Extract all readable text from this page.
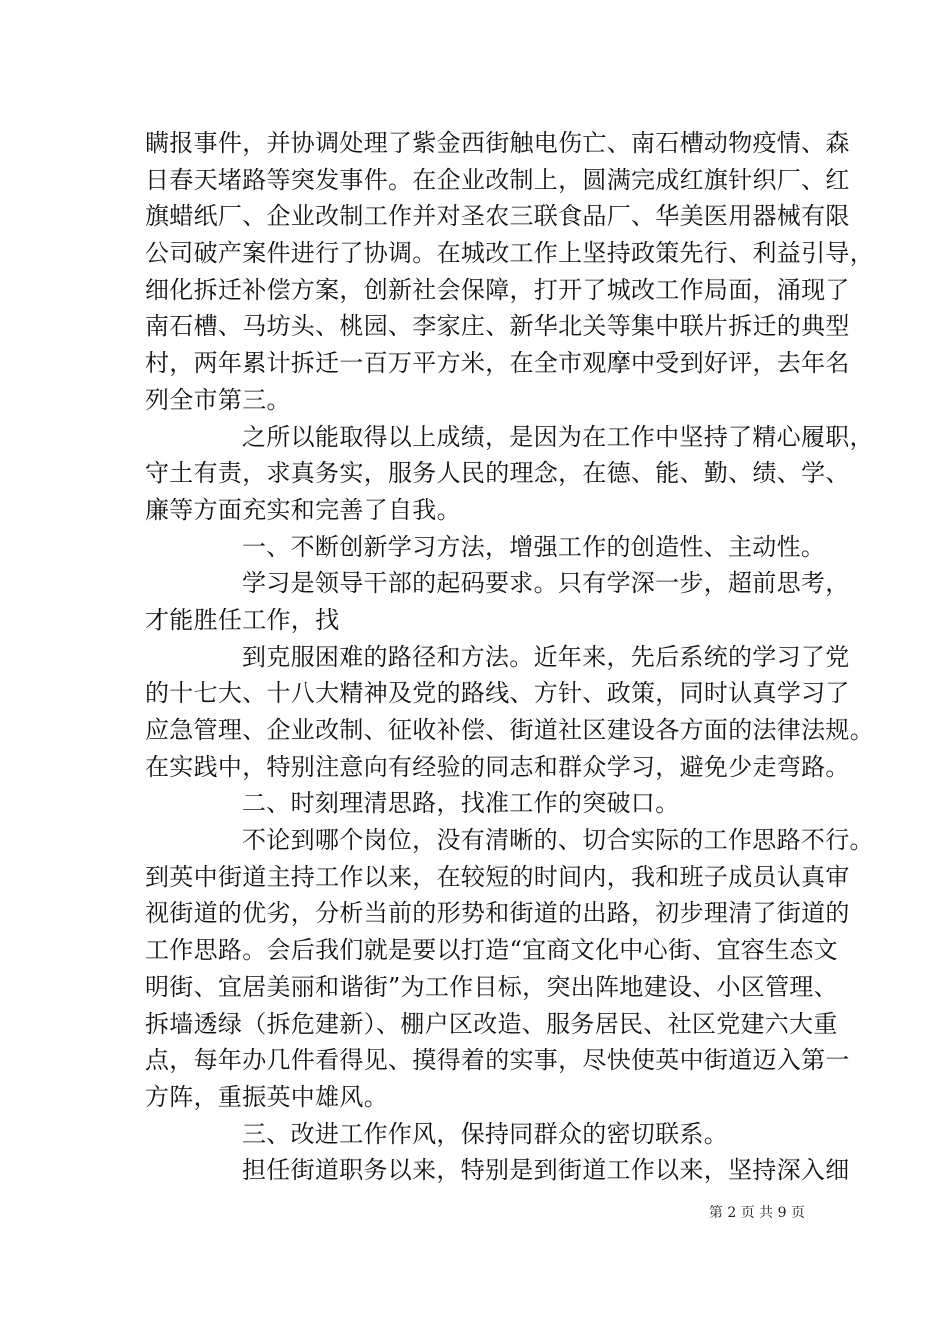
瞒报事件，并协调处理了紫金西街触电伤亡、南石槽动物疫情、森
日春天堵路等突发事件。在企业改制上，圆满完成红旗针织厂、红
旗蜡纸厂、企业改制工作并对圣农三联食品厂、华美医用器械有限
公司破产案件进行了协调。在城改工作上坚持政策先行、利益引导，
细化拆迁补偿方案，创新社会保障，打开了城改工作局面，涌现了
南石槽、马坊头、桃园、李家庄、新华北关等集中联片拆迁的典型
村，两年累计拆迁一百万平方米，在全市观摩中受到好评，去年名
列全市第三。
之所以能取得以上成绩，是因为在工作中坚持了精心履职，
守土有责，求真务实，服务人民的理念，在德、能、勤、绩、学、
廉等方面充实和完善了自我。
一、不断创新学习方法，增强工作的创造性、主动性。
学习是领导干部的起码要求。只有学深一步，超前思考，
才能胜任工作，找
到克服困难的路径和方法。近年来，先后系统的学习了党
的十七大、十八大精神及党的路线、方针、政策，同时认真学习了
应急管理、企业改制、征收补偿、街道社区建设各方面的法律法规。
在实践中，特别注意向有经验的同志和群众学习，避免少走弯路。
二、时刻理清思路，找准工作的突破口。
不论到哪个岗位，没有清晰的、切合实际的工作思路不行。
到英中街道主持工作以来，在较短的时间内，我和班子成员认真审
视街道的优劣，分析当前的形势和街道的出路，初步理清了街道的
工作思路。会后我们就是要以打造“宜商文化中心街、宜容生态文
明街、宜居美丽和谐街”为工作目标，突出阵地建设、小区管理、
拆墙透绿（拆危建新）、棚户区改造、服务居民、社区党建六大重
点，每年办几件看得见、摸得着的实事，尽快使英中街道迈入第一
方阵，重振英中雄风。
三、改进工作作风，保持同群众的密切联系。
担任街道职务以来，特别是到街道工作以来，坚持深入细
第 2 页 共 9 页
